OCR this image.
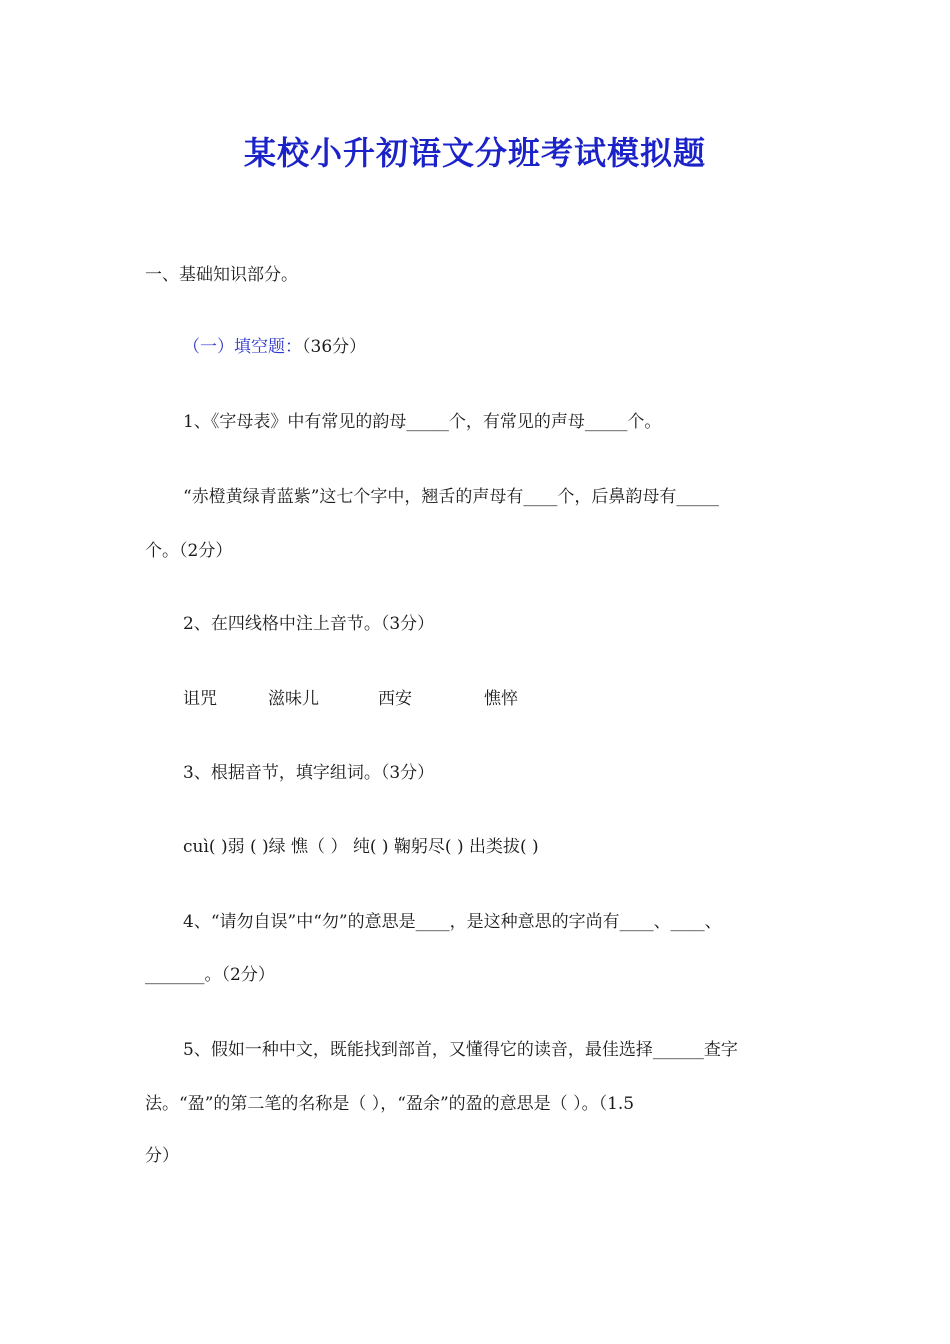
某校小升初语文分班考试模拟题
一、基础知识部分。
（一）填空题：（36分）
1、《字母表》中有常见的韵母_____个，有常见的声母_____个。
“赤橙黄绿青蓝紫”这七个字中，翘舌的声母有____个，后鼻韵母有_____
个。（2分）
2、在四线格中注上音节。（3分）
诅咒	滋味儿	西安	憔悴
3、根据音节，填字组词。（3分）
cuì( )弱 ( )绿 憔（ ） 纯( ) 鞠躬尽( ) 出类拔( )
4、“请勿自误”中“勿”的意思是____，是这种意思的字尚有____、____、
_______。（2分）
5、假如一种中文，既能找到部首，又懂得它的读音，最佳选择______查字
法。“盈”的第二笔的名称是（ ），“盈余”的盈的意思是（ ）。（1.5
分）
